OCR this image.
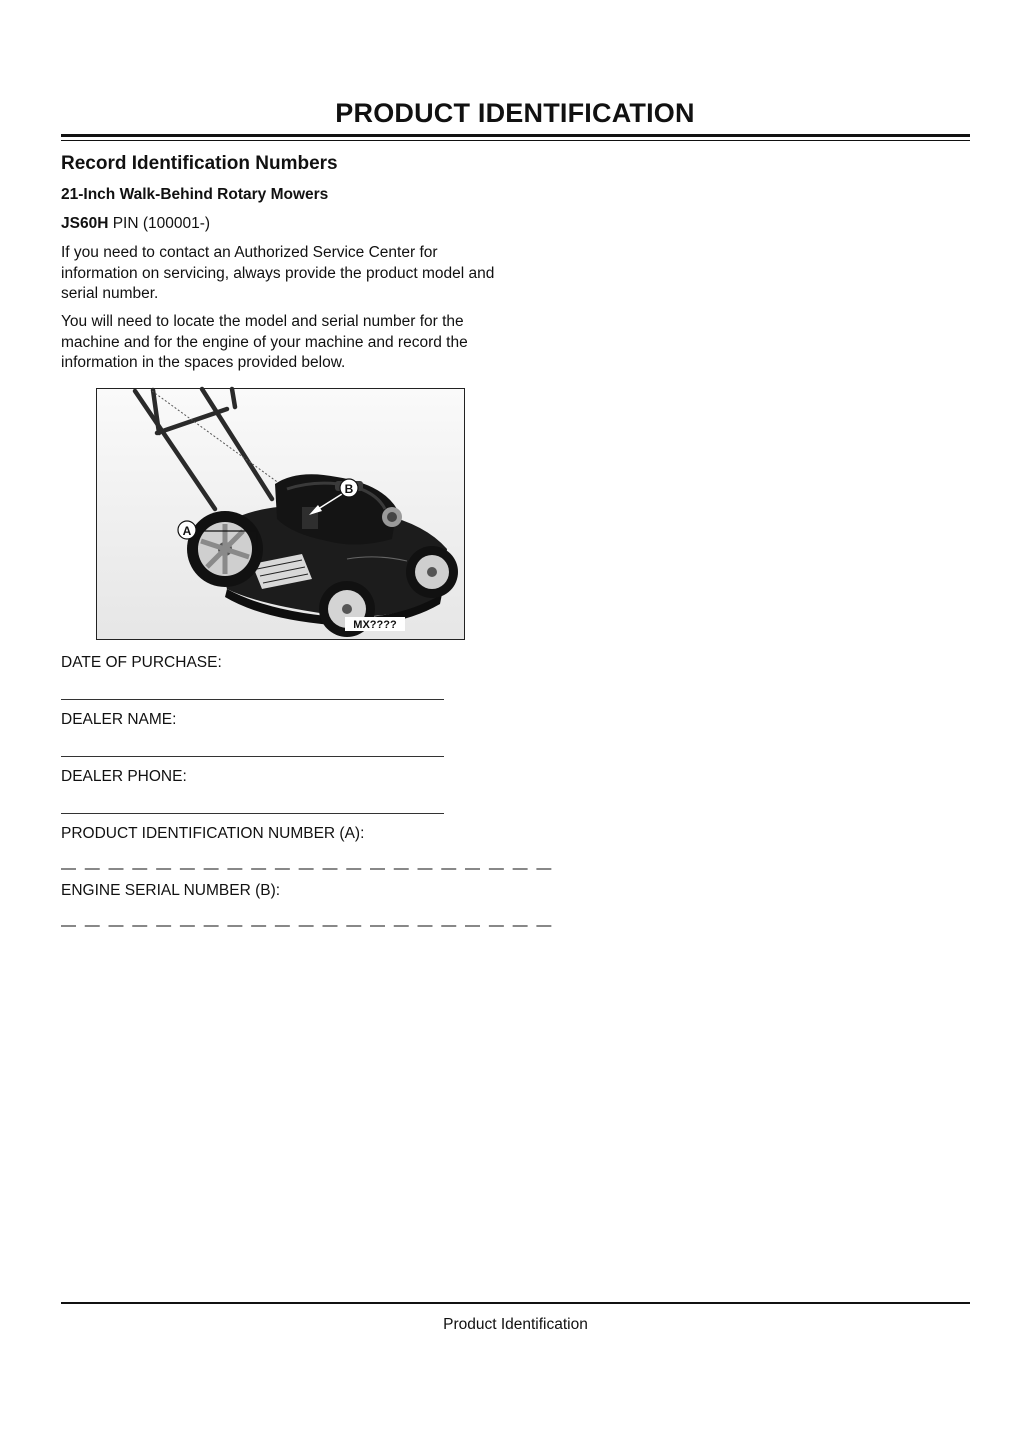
PRODUCT IDENTIFICATION
Record Identification Numbers
21-Inch Walk-Behind Rotary Mowers

JS60H PIN (100001-)

If you need to contact an Authorized Service Center for information on servicing, always provide the product model and serial number.

You will need to locate the model and serial number for the machine and for the engine of your machine and record the information in the spaces provided below.

A
B
MX????

DATE OF PURCHASE:

DEALER NAME:

DEALER PHONE:

PRODUCT IDENTIFICATION NUMBER (A):

— — — — — — — — — — — — — — — — — — — — —

ENGINE SERIAL NUMBER (B):

— — — — — — — — — — — — — — — — — — — — —

Product Identification
